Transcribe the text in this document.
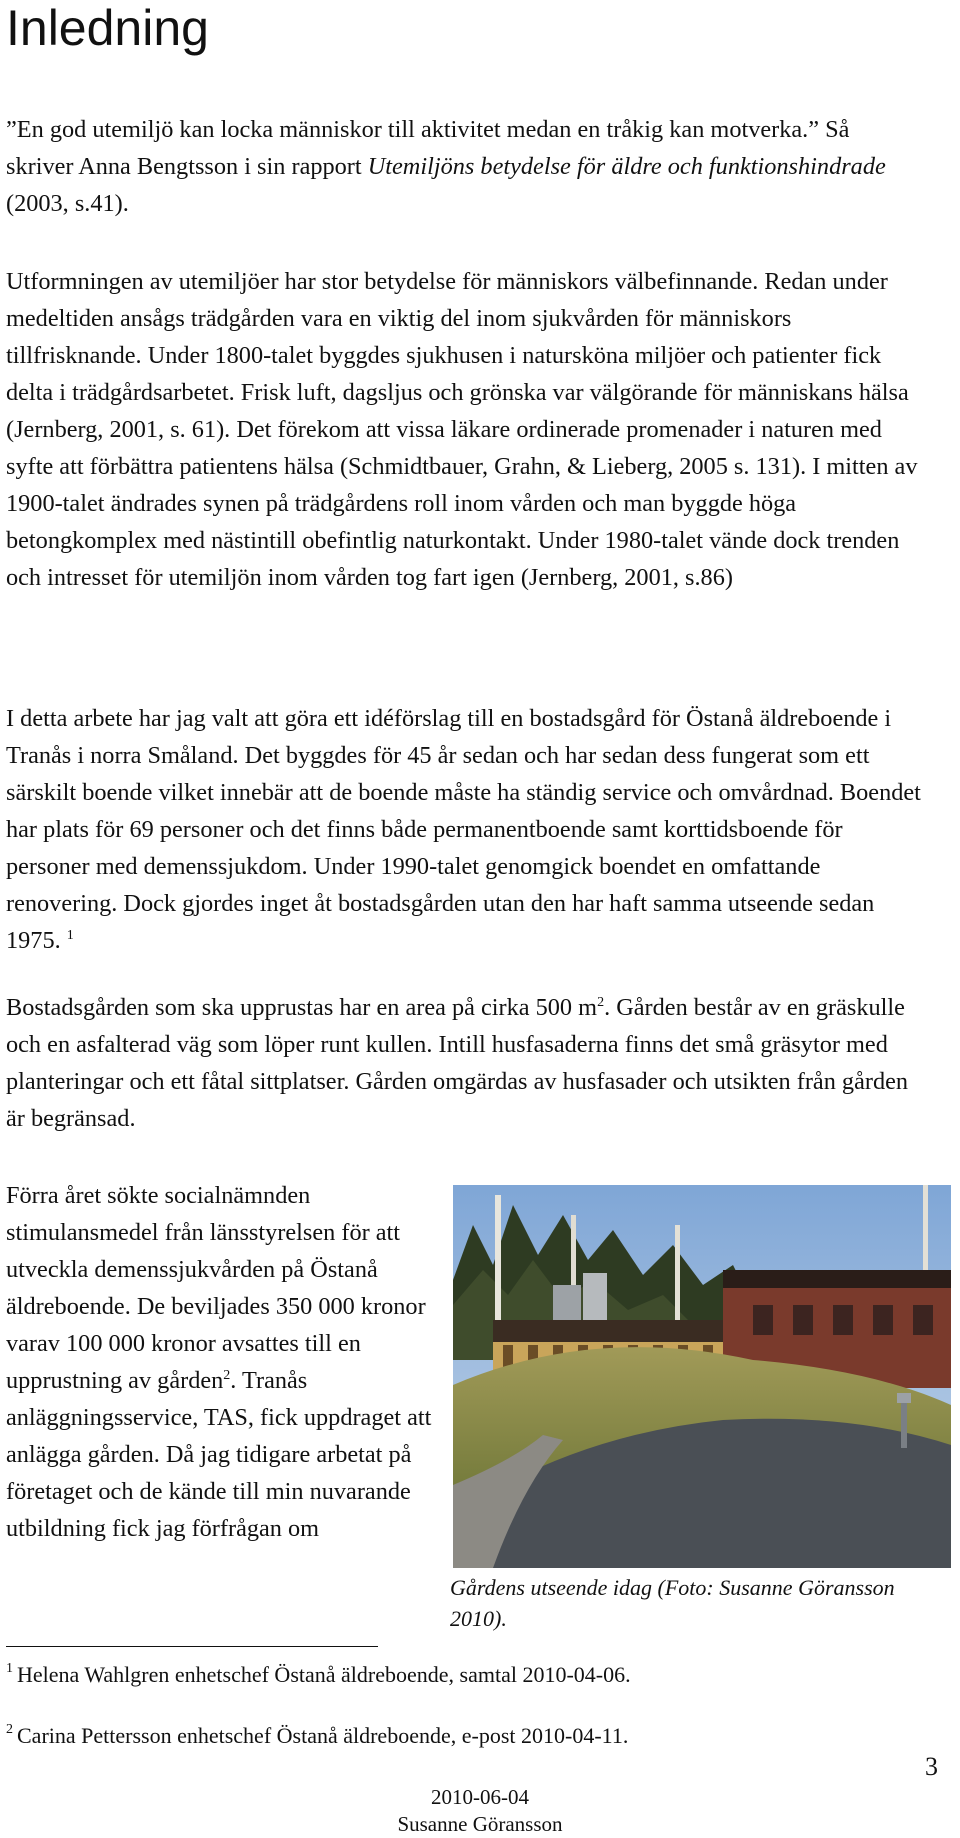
Inledning

”En god utemiljö kan locka människor till aktivitet medan en tråkig kan motverka.” Så skriver Anna Bengtsson i sin rapport Utemiljöns betydelse för äldre och funktionshindrade (2003, s.41).

Utformningen av utemiljöer har stor betydelse för människors välbefinnande. Redan under medeltiden ansågs trädgården vara en viktig del inom sjukvården för människors tillfrisknande. Under 1800-talet byggdes sjukhusen i natursköna miljöer och patienter fick delta i trädgårdsarbetet. Frisk luft, dagsljus och grönska var välgörande för människans hälsa (Jernberg, 2001, s. 61). Det förekom att vissa läkare ordinerade promenader i naturen med syfte att förbättra patientens hälsa (Schmidtbauer, Grahn, & Lieberg, 2005 s. 131). I mitten av 1900-talet ändrades synen på trädgårdens roll inom vården och man byggde höga betongkomplex med nästintill obefintlig naturkontakt. Under 1980-talet vände dock trenden och intresset för utemiljön inom vården tog fart igen (Jernberg, 2001, s.86)

I detta arbete har jag valt att göra ett idéförslag till en bostadsgård för Östanå äldreboende i Tranås i norra Småland. Det byggdes för 45 år sedan och har sedan dess fungerat som ett särskilt boende vilket innebär att de boende måste ha ständig service och omvårdnad. Boendet har plats för 69 personer och det finns både permanentboende samt korttidsboende för personer med demenssjukdom. Under 1990-talet genomgick boendet en omfattande renovering. Dock gjordes inget åt bostadsgården utan den har haft samma utseende sedan 1975. $^1$

Bostadsgården som ska upprustas har en area på cirka 500 $m^2$. Gården består av en gräskulle och en asfalterad väg som löper runt kullen. Intill husfasaderna finns det små gräsytor med planteringar och ett fåtal sittplatser. Gården omgärdas av husfasader och utsikten från gården är begränsad.

Förra året sökte socialnämnden stimulansmedel från länsstyrelsen för att utveckla demenssjukvården på Östanå äldreboende. De beviljades 350 000 kronor varav 100 000 kronor avsattes till en upprustning av gården$^2$. Tranås anläggningsservice, TAS, fick uppdraget att anlägga gården. Då jag tidigare arbetat på företaget och de kände till min nuvarande utbildning fick jag förfrågan om

Gårdens utseende idag (Foto: Susanne Göransson 2010).

$^1$ Helena Wahlgren enhetschef Östanå äldreboende, samtal 2010-04-06.

$^2$ Carina Pettersson enhetschef Östanå äldreboende, e-post 2010-04-11.

3

2010-06-04

Susanne Göransson
